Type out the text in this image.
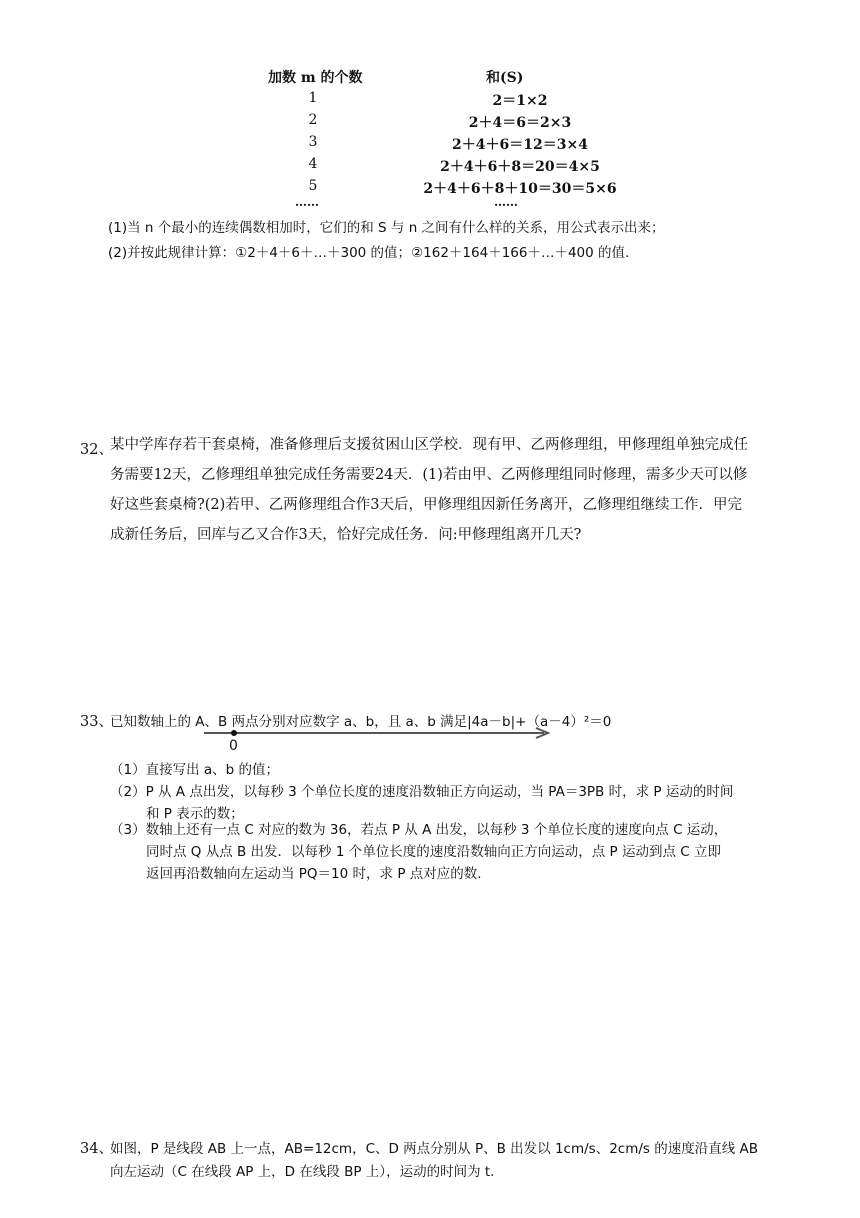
加数 m 的个数	和(S)
1	2＝1×2
2	2＋4＝6＝2×3
3	2＋4＋6＝12＝3×4
4	2＋4＋6＋8＝20＝4×5
5	2＋4＋6＋8＋10＝30＝5×6
……	……
(1)当 n 个最小的连续偶数相加时，它们的和 S 与 n 之间有什么样的关系，用公式表示出来；
(2)并按此规律计算：①2＋4＋6＋…＋300 的值；②162＋164＋166＋…＋400 的值.
32、
某中学库存若干套桌椅，准备修理后支援贫困山区学校．现有甲、乙两修理组，甲修理组单独完成任
务需要12天，乙修理组单独完成任务需要24天．(1)若由甲、乙两修理组同时修理，需多少天可以修
好这些套桌椅?(2)若甲、乙两修理组合作3天后，甲修理组因新任务离开，乙修理组继续工作．甲完
成新任务后，回库与乙又合作3天，恰好完成任务．问:甲修理组离开几天?
33、
已知数轴上的 A、B 两点分别对应数字 a、b，且 a、b 满足|4a－b|+（a－4）²＝0
0
（1）直接写出 a、b 的值；
（2）P 从 A 点出发，以每秒 3 个单位长度的速度沿数轴正方向运动，当 PA＝3PB 时，求 P 运动的时间
和 P 表示的数；
（3）数轴上还有一点 C 对应的数为 36，若点 P 从 A 出发，以每秒 3 个单位长度的速度向点 C 运动，
同时点 Q 从点 B 出发．以每秒 1 个单位长度的速度沿数轴向正方向运动，点 P 运动到点 C 立即
返回再沿数轴向左运动当 PQ＝10 时，求 P 点对应的数.
34、
如图，P 是线段 AB 上一点，AB=12cm，C、D 两点分别从 P、B 出发以 1cm/s、2cm/s 的速度沿直线 AB
向左运动（C 在线段 AP 上，D 在线段 BP 上），运动的时间为 t.
